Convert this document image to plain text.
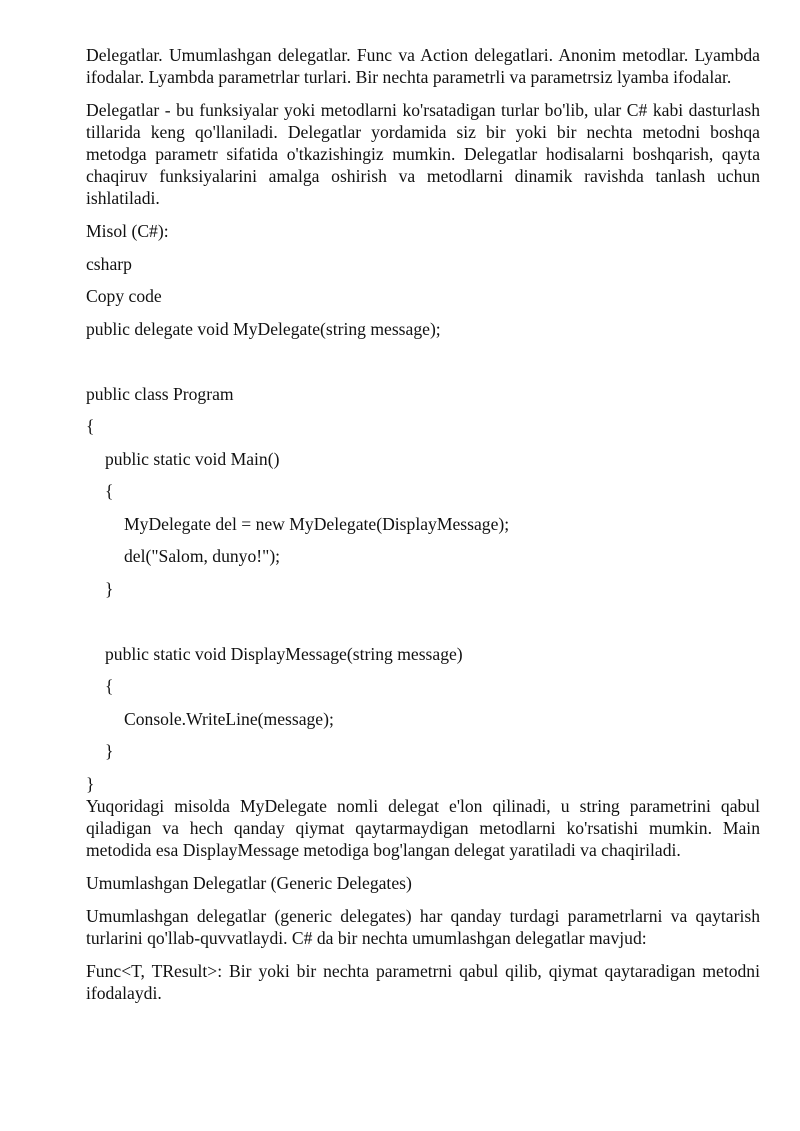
Delegatlar. Umumlashgan delegatlar. Func va Action delegatlari. Anonim metodlar. Lyambda ifodalar. Lyambda parametrlar turlari. Bir nechta parametrli va parametrsiz lyamba ifodalar.

Delegatlar - bu funksiyalar yoki metodlarni ko'rsatadigan turlar bo'lib, ular C# kabi dasturlash tillarida keng qo'llaniladi. Delegatlar yordamida siz bir yoki bir nechta metodni boshqa metodga parametr sifatida o'tkazishingiz mumkin. Delegatlar hodisalarni boshqarish, qayta chaqiruv funksiyalarini amalga oshirish va metodlarni dinamik ravishda tanlash uchun ishlatiladi.

Misol (C#):
csharp
Copy code
public delegate void MyDelegate(string message);
public class Program
{
public static void Main()
{
MyDelegate del = new MyDelegate(DisplayMessage);
del("Salom, dunyo!");
}
public static void DisplayMessage(string message)
{
Console.WriteLine(message);
}
}

Yuqoridagi misolda MyDelegate nomli delegat e'lon qilinadi, u string parametrini qabul qiladigan va hech qanday qiymat qaytarmaydigan metodlarni ko'rsatishi mumkin. Main metodida esa DisplayMessage metodiga bog'langan delegat yaratiladi va chaqiriladi.

Umumlashgan Delegatlar (Generic Delegates)

Umumlashgan delegatlar (generic delegates) har qanday turdagi parametrlarni va qaytarish turlarini qo'llab-quvvatlaydi. C# da bir nechta umumlashgan delegatlar mavjud:

Func<T, TResult>: Bir yoki bir nechta parametrni qabul qilib, qiymat qaytaradigan metodni ifodalaydi.
